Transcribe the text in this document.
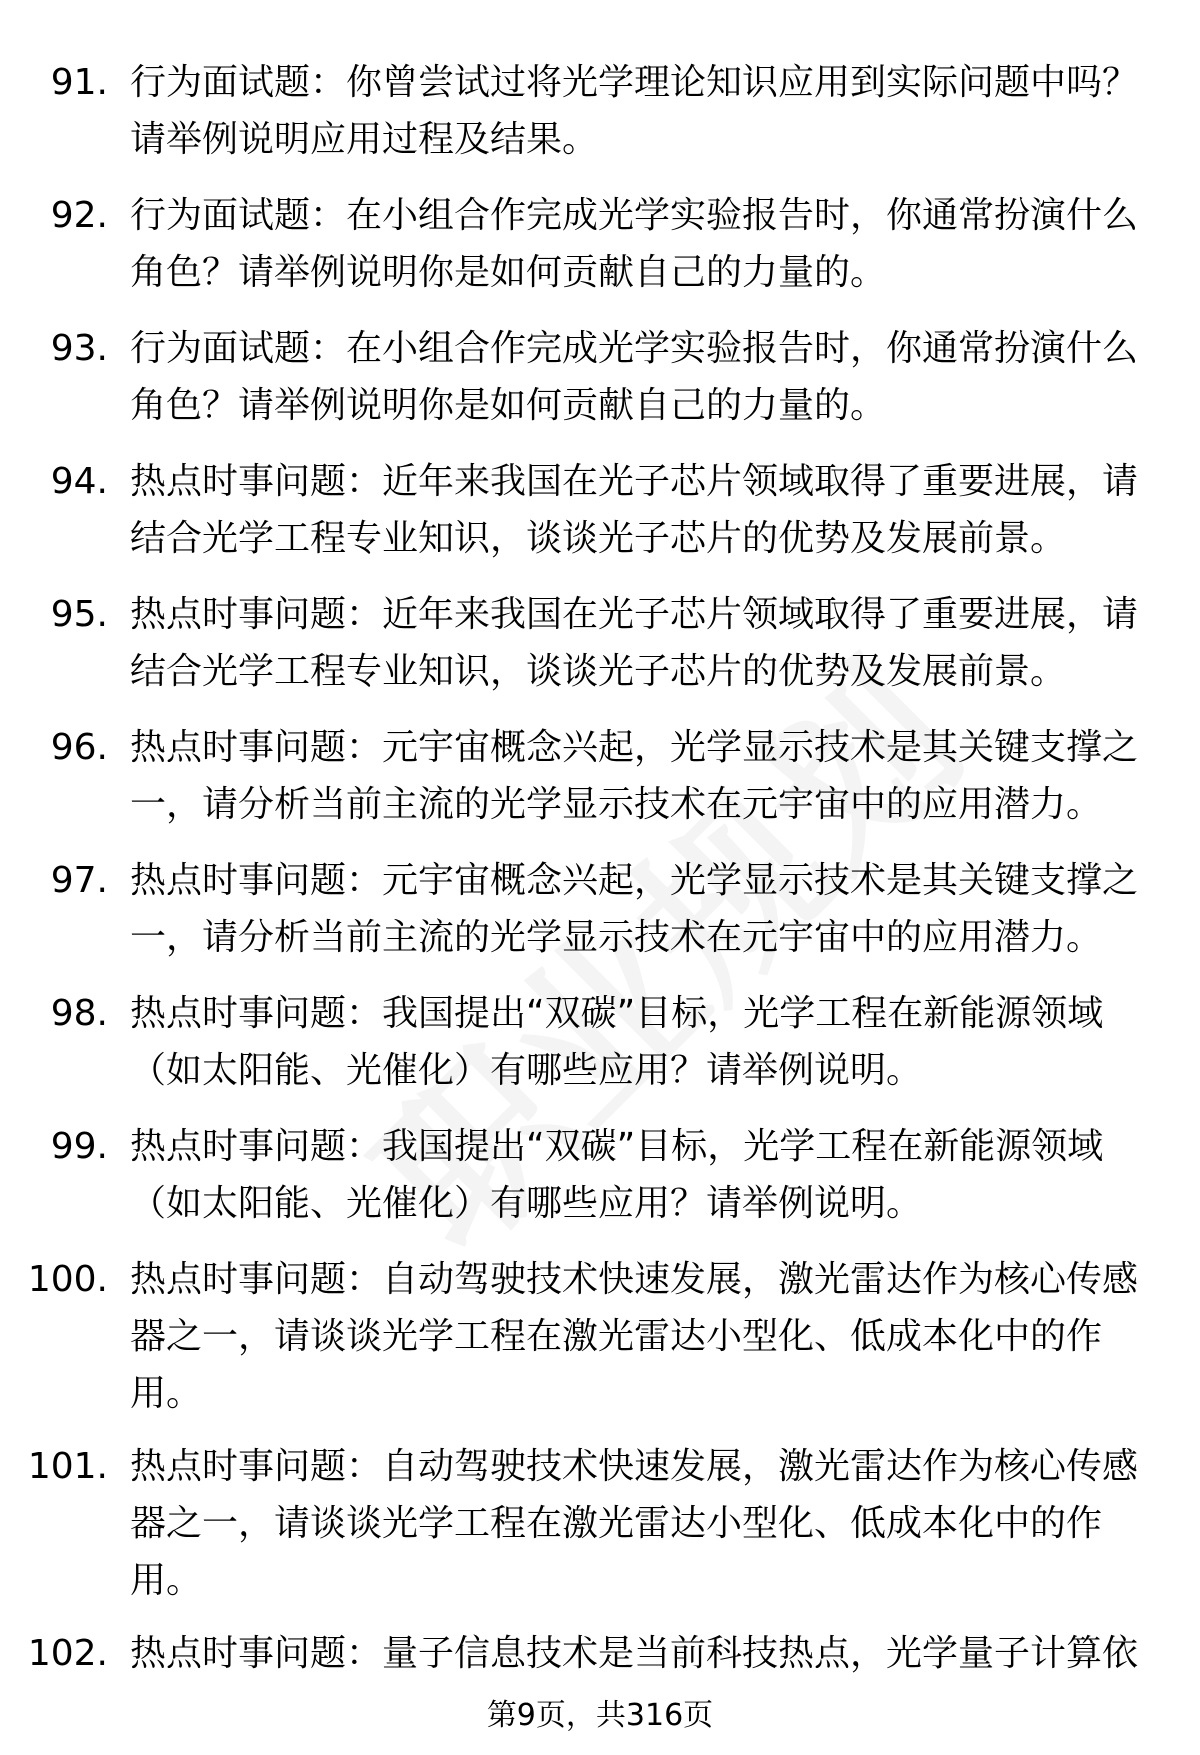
91. 行为面试题：你曾尝试过将光学理论知识应用到实际问题中吗？请举例说明应用过程及结果。
92. 行为面试题：在小组合作完成光学实验报告时，你通常扮演什么角色？请举例说明你是如何贡献自己的力量的。
93. 行为面试题：在小组合作完成光学实验报告时，你通常扮演什么角色？请举例说明你是如何贡献自己的力量的。
94. 热点时事问题：近年来我国在光子芯片领域取得了重要进展，请结合光学工程专业知识，谈谈光子芯片的优势及发展前景。
95. 热点时事问题：近年来我国在光子芯片领域取得了重要进展，请结合光学工程专业知识，谈谈光子芯片的优势及发展前景。
96. 热点时事问题：元宇宙概念兴起，光学显示技术是其关键支撑之一，请分析当前主流的光学显示技术在元宇宙中的应用潜力。
97. 热点时事问题：元宇宙概念兴起，光学显示技术是其关键支撑之一，请分析当前主流的光学显示技术在元宇宙中的应用潜力。
98. 热点时事问题：我国提出“双碳”目标，光学工程在新能源领域（如太阳能、光催化）有哪些应用？请举例说明。
99. 热点时事问题：我国提出“双碳”目标，光学工程在新能源领域（如太阳能、光催化）有哪些应用？请举例说明。
100. 热点时事问题：自动驾驶技术快速发展，激光雷达作为核心传感器之一，请谈谈光学工程在激光雷达小型化、低成本化中的作用。
101. 热点时事问题：自动驾驶技术快速发展，激光雷达作为核心传感器之一，请谈谈光学工程在激光雷达小型化、低成本化中的作用。
102. 热点时事问题：量子信息技术是当前科技热点，光学量子计算依
第9页，共316页
